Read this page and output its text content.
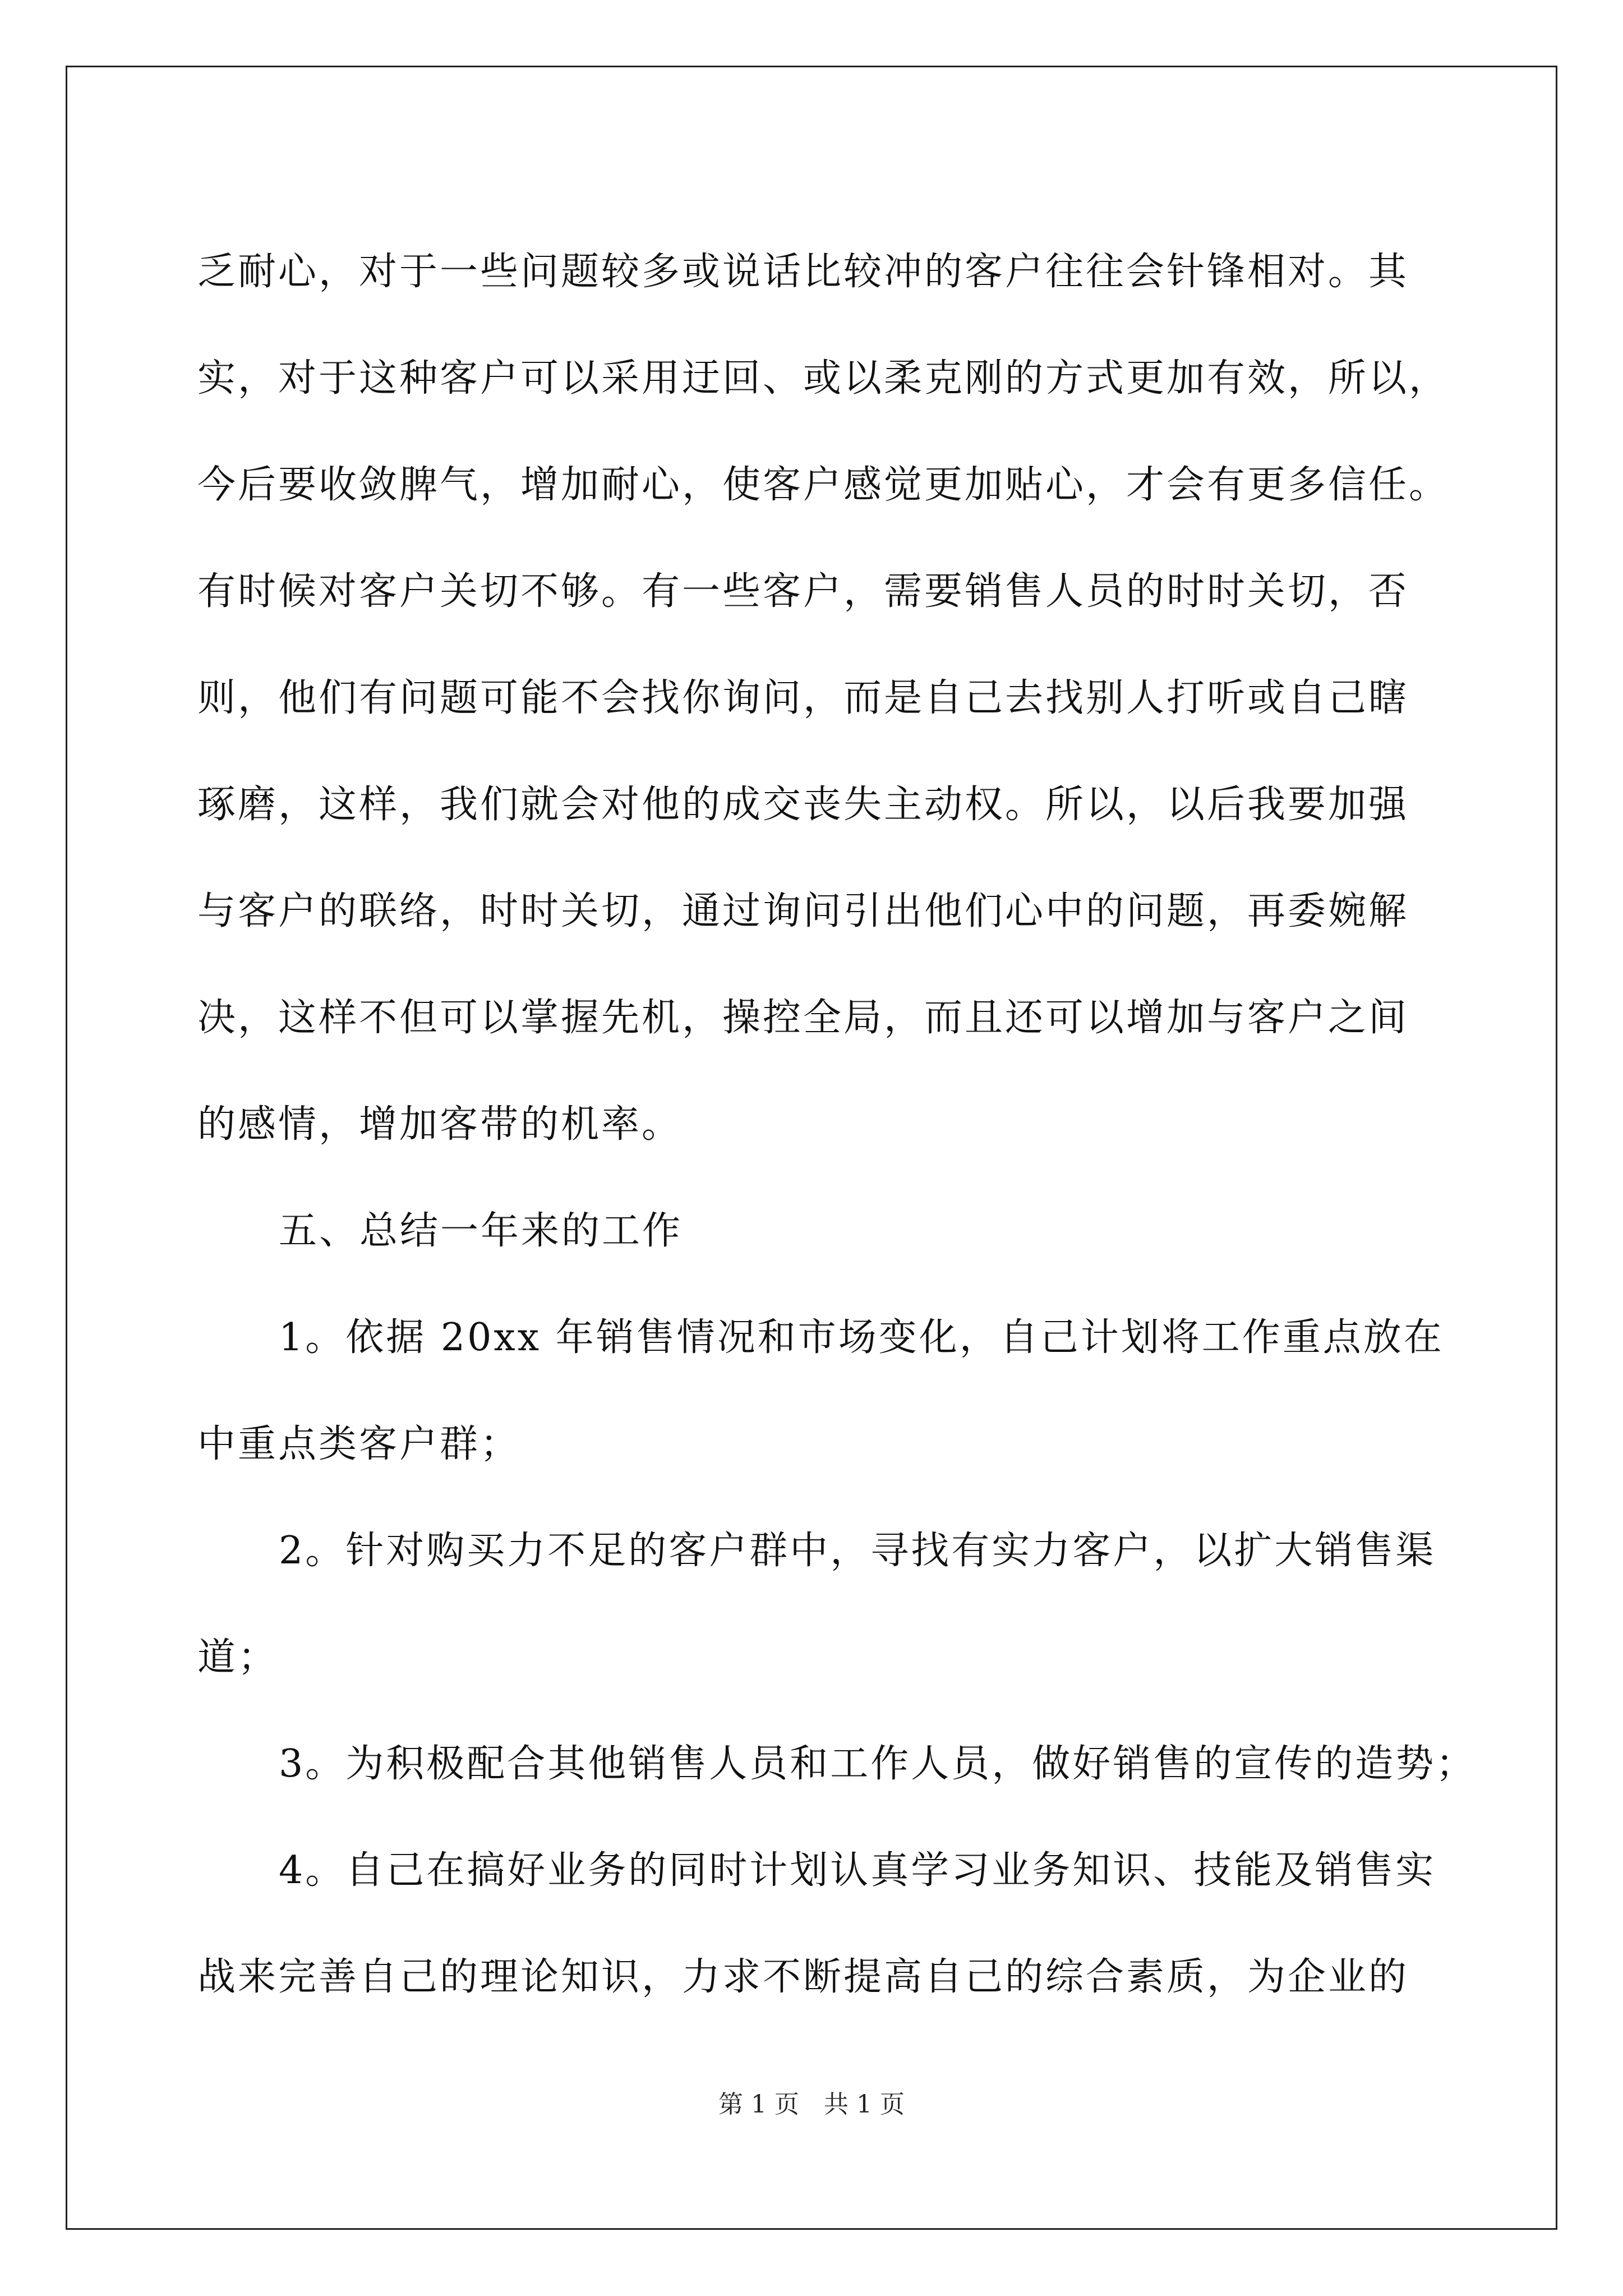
乏耐心，对于一些问题较多或说话比较冲的客户往往会针锋相对。其
实，对于这种客户可以采用迂回、或以柔克刚的方式更加有效，所以，
今后要收敛脾气，增加耐心，使客户感觉更加贴心，才会有更多信任。
有时候对客户关切不够。有一些客户，需要销售人员的时时关切，否
则，他们有问题可能不会找你询问，而是自己去找别人打听或自己瞎
琢磨，这样，我们就会对他的成交丧失主动权。所以，以后我要加强
与客户的联络，时时关切，通过询问引出他们心中的问题，再委婉解
决，这样不但可以掌握先机，操控全局，而且还可以增加与客户之间
的感情，增加客带的机率。
五、总结一年来的工作
1。依据 20xx 年销售情况和市场变化，自己计划将工作重点放在
中重点类客户群；
2。针对购买力不足的客户群中，寻找有实力客户，以扩大销售渠
道；
3。为积极配合其他销售人员和工作人员，做好销售的宣传的造势；
4。自己在搞好业务的同时计划认真学习业务知识、技能及销售实
战来完善自己的理论知识，力求不断提高自己的综合素质，为企业的
第 1 页 共 1 页
